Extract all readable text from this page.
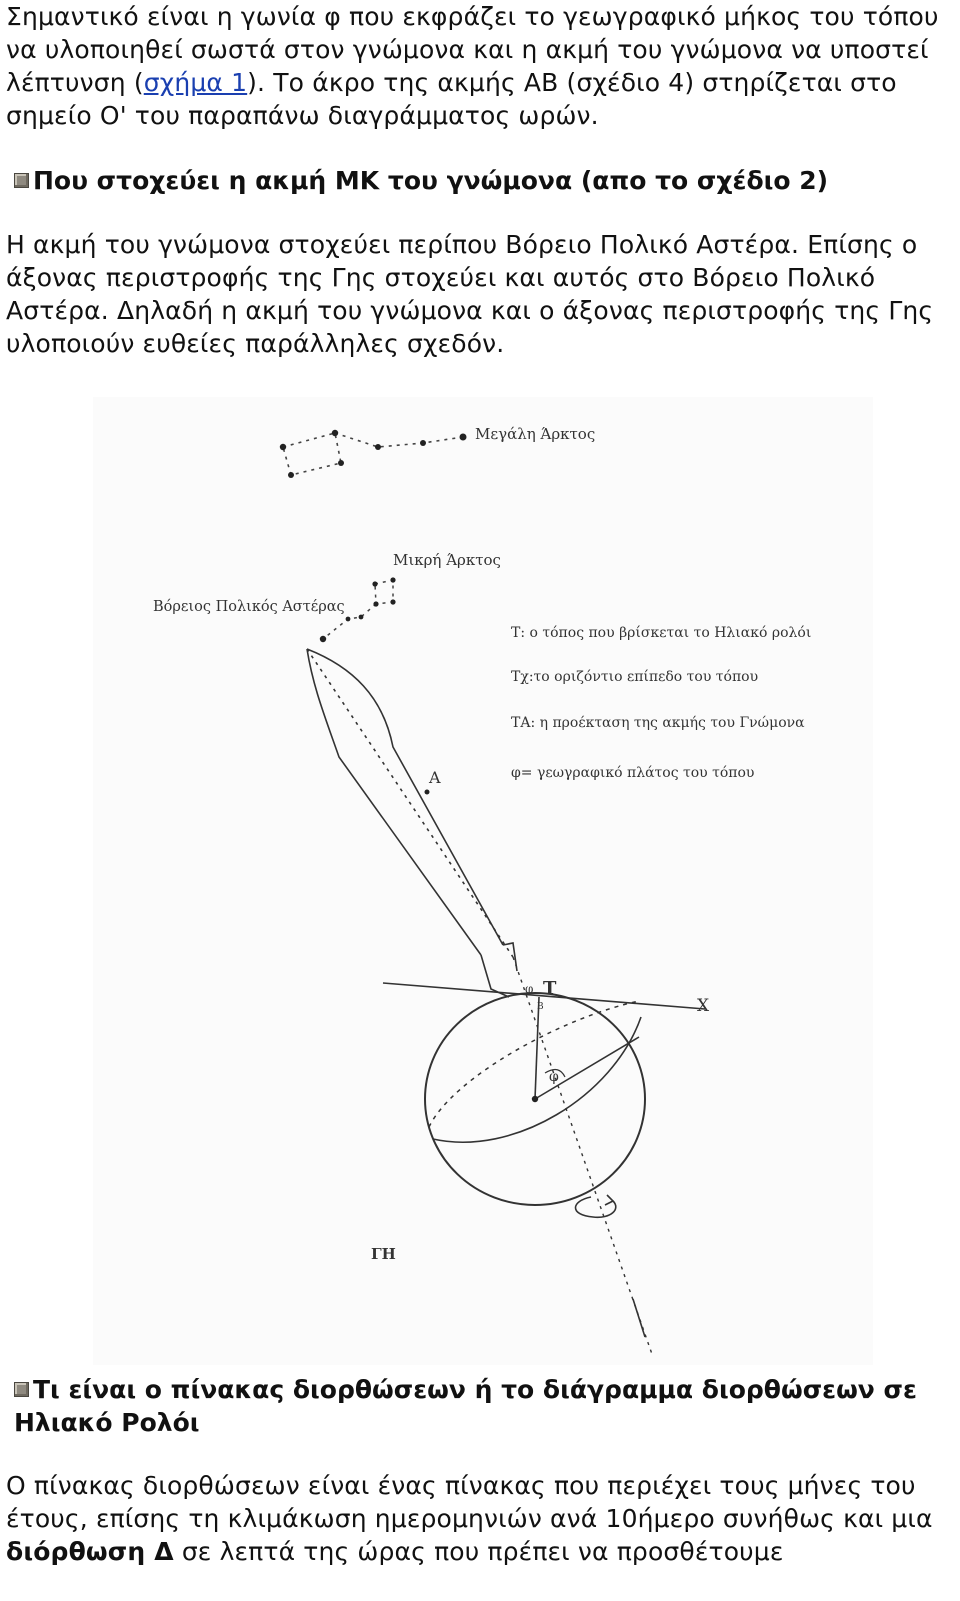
Σημαντικό είναι η γωνία φ που εκφράζει το γεωγραφικό μήκος του τόπου να υλοποιηθεί σωστά στον γνώμονα και η ακμή του γνώμονα να υποστεί λέπτυνση (σχήμα 1). Το άκρο της ακμής ΑΒ (σχέδιο 4) στηρίζεται στο σημείο Ο' του παραπάνω διαγράμματος ωρών.
Που στοχεύει η ακμή ΜΚ του γνώμονα (απο το σχέδιο 2)
Η ακμή του γνώμονα στοχεύει περίπου Βόρειο Πολικό Αστέρα. Επίσης ο άξονας περιστροφής της Γης στοχεύει και αυτός στο Βόρειο Πολικό Αστέρα. Δηλαδή η ακμή του γνώμονα και ο άξονας περιστροφής της Γης υλοποιούν ευθείες παράλληλες σχεδόν.
Μεγάλη Άρκτος
Μικρή Άρκτος
Βόρειος Πολικός Αστέρας
Τ: ο τόπος που βρίσκεται το Ηλιακό ρολόι
Τχ:το οριζόντιο επίπεδο του τόπου
ΤΑ: η προέκταση της ακμής του Γνώμονα
φ= γεωγραφικό πλάτος του τόπου
Α
Χ
Τ
φ
Β
φ
ΓΗ
Τι είναι ο πίνακας διορθώσεων ή το διάγραμμα διορθώσεων σε Ηλιακό Ρολόι
Ο πίνακας διορθώσεων είναι ένας πίνακας που περιέχει τους μήνες του έτους, επίσης τη κλιμάκωση ημερομηνιών ανά 10ήμερο συνήθως και μια διόρθωση Δ σε λεπτά της ώρας που πρέπει να προσθέτουμε
